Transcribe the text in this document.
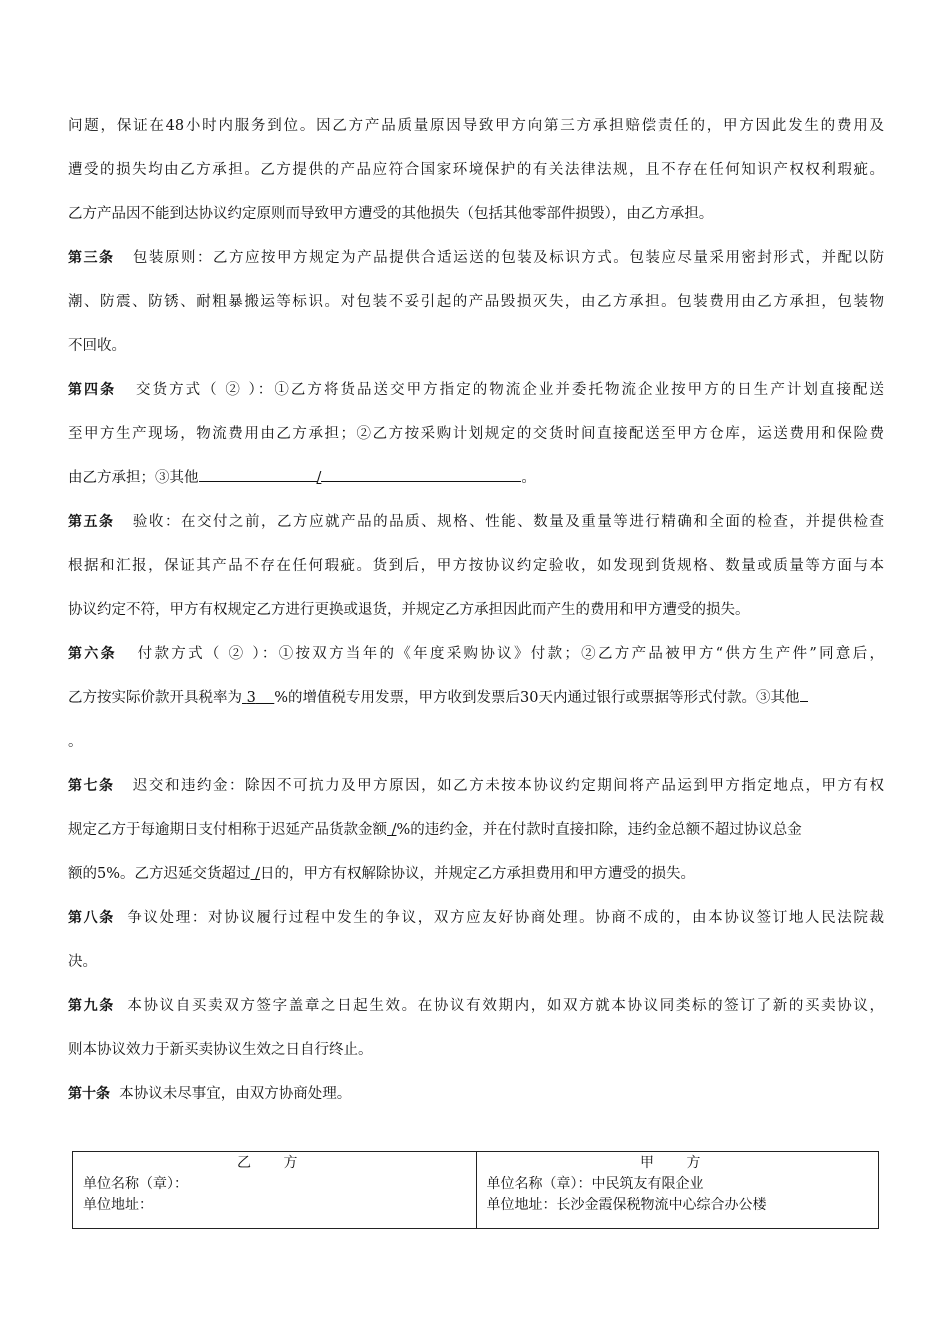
问题，保证在48小时内服务到位。因乙方产品质量原因导致甲方向第三方承担赔偿责任的，甲方因此发生的费用及
遭受的损失均由乙方承担。乙方提供的产品应符合国家环境保护的有关法律法规，且不存在任何知识产权权利瑕疵。
乙方产品因不能到达协议约定原则而导致甲方遭受的其他损失（包括其他零部件损毁），由乙方承担。
第三条 包装原则：乙方应按甲方规定为产品提供合适运送的包装及标识方式。包装应尽量采用密封形式，并配以防
潮、防震、防锈、耐粗暴搬运等标识。对包装不妥引起的产品毁损灭失，由乙方承担。包装费用由乙方承担，包装物
不回收。
第四条 交货方式（ ② ）：①乙方将货品送交甲方指定的物流企业并委托物流企业按甲方的日生产计划直接配送
至甲方生产现场，物流费用由乙方承担；②乙方按采购计划规定的交货时间直接配送至甲方仓库，运送费用和保险费
由乙方承担；③其他	/	。
第五条 验收：在交付之前，乙方应就产品的品质、规格、性能、数量及重量等进行精确和全面的检查，并提供检查
根据和汇报，保证其产品不存在任何瑕疵。货到后，甲方按协议约定验收，如发现到货规格、数量或质量等方面与本
协议约定不符，甲方有权规定乙方进行更换或退货，并规定乙方承担因此而产生的费用和甲方遭受的损失。
第六条 付款方式（ ② ）：①按双方当年的《年度采购协议》付款；②乙方产品被甲方“供方生产件”同意后，
乙方按实际价款开具税率为 3 %的增值税专用发票，甲方收到发票后30天内通过银行或票据等形式付款。③其他
。
第七条 迟交和违约金：除因不可抗力及甲方原因，如乙方未按本协议约定期间将产品运到甲方指定地点，甲方有权
规定乙方于每逾期日支付相称于迟延产品货款金额 /%的违约金，并在付款时直接扣除，违约金总额不超过协议总金
额的5%。乙方迟延交货超过 /日的，甲方有权解除协议，并规定乙方承担费用和甲方遭受的损失。
第八条 争议处理：对协议履行过程中发生的争议，双方应友好协商处理。协商不成的，由本协议签订地人民法院裁
决。
第九条 本协议自买卖双方签字盖章之日起生效。在协议有效期内，如双方就本协议同类标的签订了新的买卖协议，
则本协议效力于新买卖协议生效之日自行终止。
第十条 本协议未尽事宜，由双方协商处理。
乙 方
单位名称（章）：
单位地址：
甲 方
单位名称（章）：中民筑友有限企业
单位地址：长沙金霞保税物流中心综合办公楼
